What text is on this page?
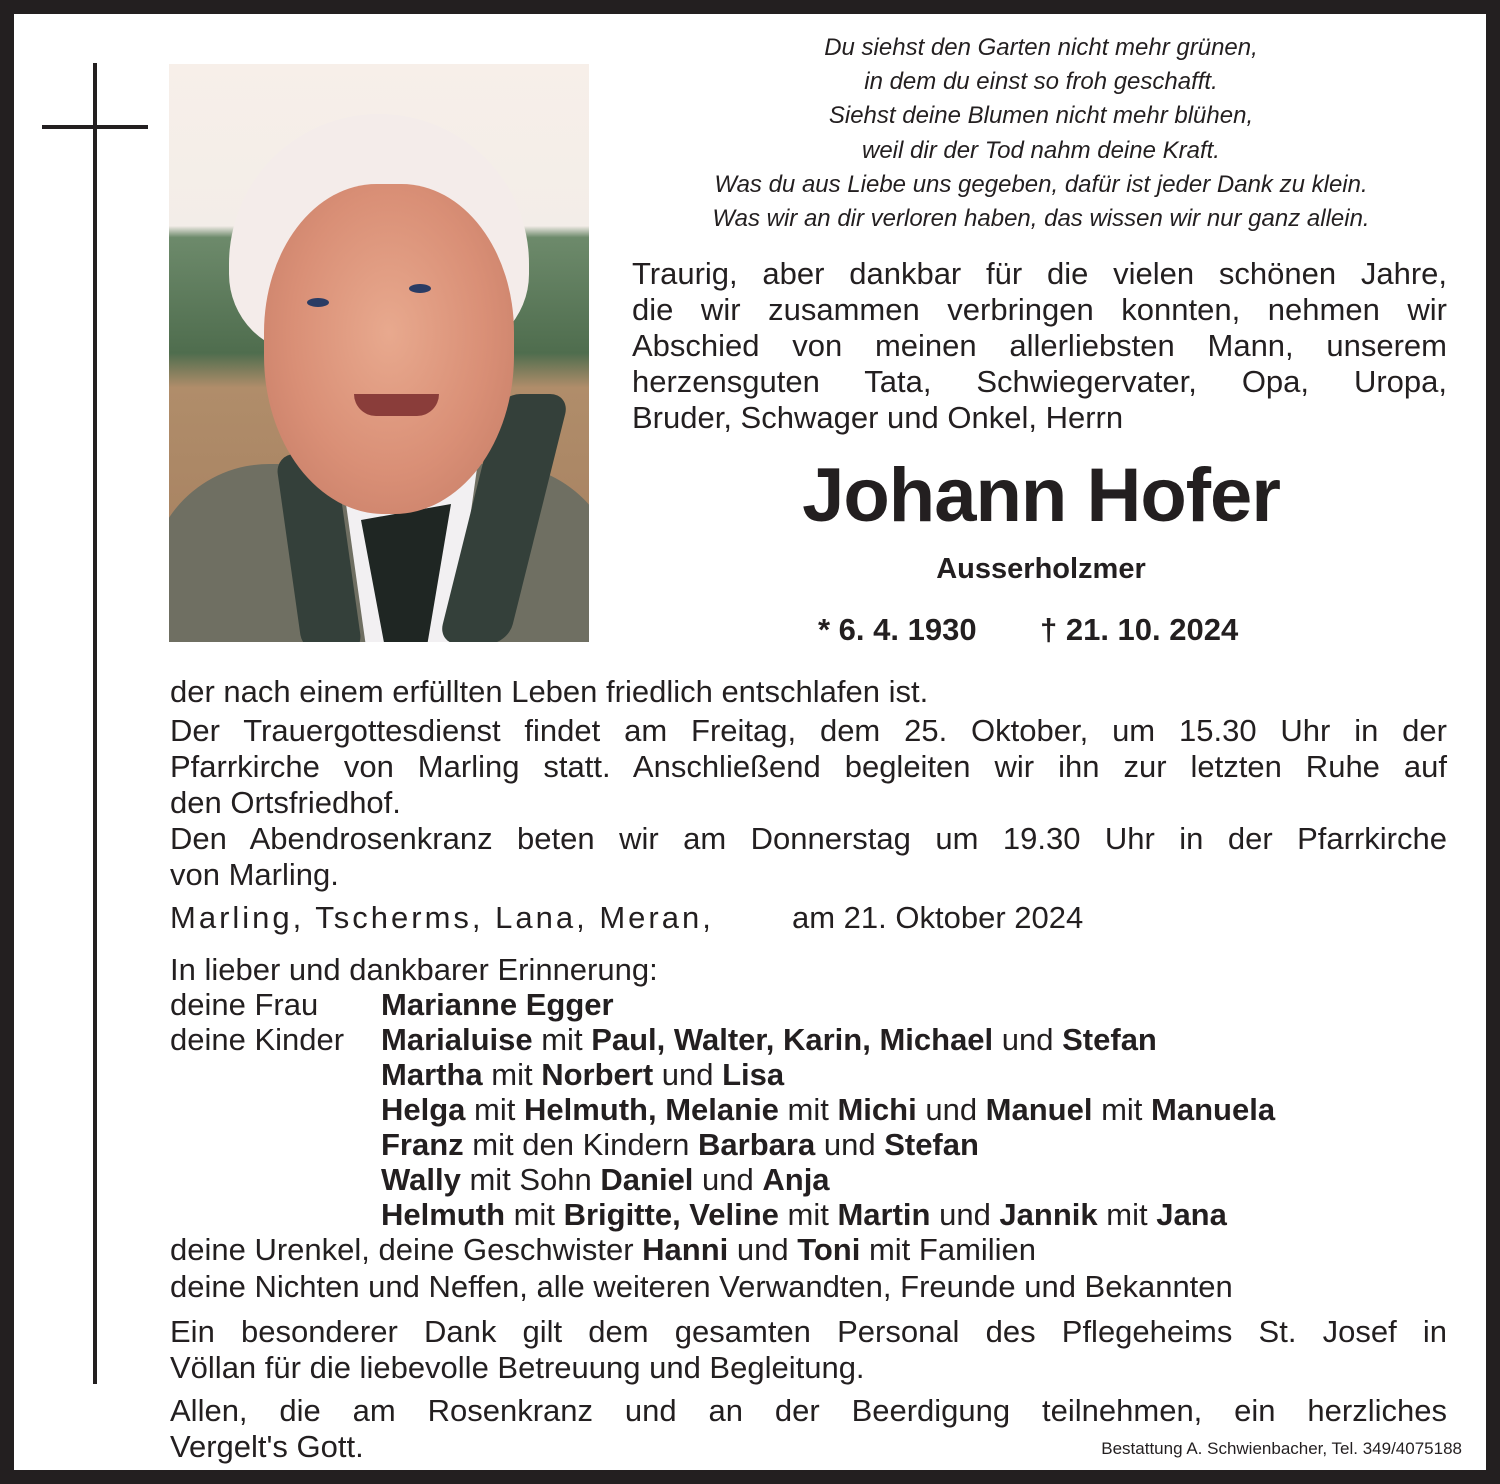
Du siehst den Garten nicht mehr grünen,
in dem du einst so froh geschafft.
Siehst deine Blumen nicht mehr blühen,
weil dir der Tod nahm deine Kraft.
Was du aus Liebe uns gegeben, dafür ist jeder Dank zu klein.
Was wir an dir verloren haben, das wissen wir nur ganz allein.
Traurig, aber dankbar für die vielen schönen Jahre,
die wir zusammen verbringen konnten, nehmen wir
Abschied von meinen allerliebsten Mann, unserem
herzensguten Tata, Schwiegervater, Opa, Uropa,
Bruder, Schwager und Onkel, Herrn
Johann Hofer
Ausserholzmer
* 6. 4. 1930 † 21. 10. 2024
der nach einem erfüllten Leben friedlich entschlafen ist.
Der Trauergottesdienst findet am Freitag, dem 25. Oktober, um 15.30 Uhr in der
Pfarrkirche von Marling statt. Anschließend begleiten wir ihn zur letzten Ruhe auf
den Ortsfriedhof.
Den Abendrosenkranz beten wir am Donnerstag um 19.30 Uhr in der Pfarrkirche
von Marling.
Marling, Tscherms, Lana, Meran,	am 21. Oktober 2024
In lieber und dankbarer Erinnerung:
deine Frau Marianne Egger
deine Kinder Marialuise mit Paul, Walter, Karin, Michael und Stefan
Martha mit Norbert und Lisa
Helga mit Helmuth, Melanie mit Michi und Manuel mit Manuela
Franz mit den Kindern Barbara und Stefan
Wally mit Sohn Daniel und Anja
Helmuth mit Brigitte, Veline mit Martin und Jannik mit Jana
deine Urenkel, deine Geschwister Hanni und Toni mit Familien
deine Nichten und Neffen, alle weiteren Verwandten, Freunde und Bekannten
Ein besonderer Dank gilt dem gesamten Personal des Pflegeheims St. Josef in
Völlan für die liebevolle Betreuung und Begleitung.
Allen, die am Rosenkranz und an der Beerdigung teilnehmen, ein herzliches
Vergelt's Gott.	Bestattung A. Schwienbacher, Tel. 349/4075188
